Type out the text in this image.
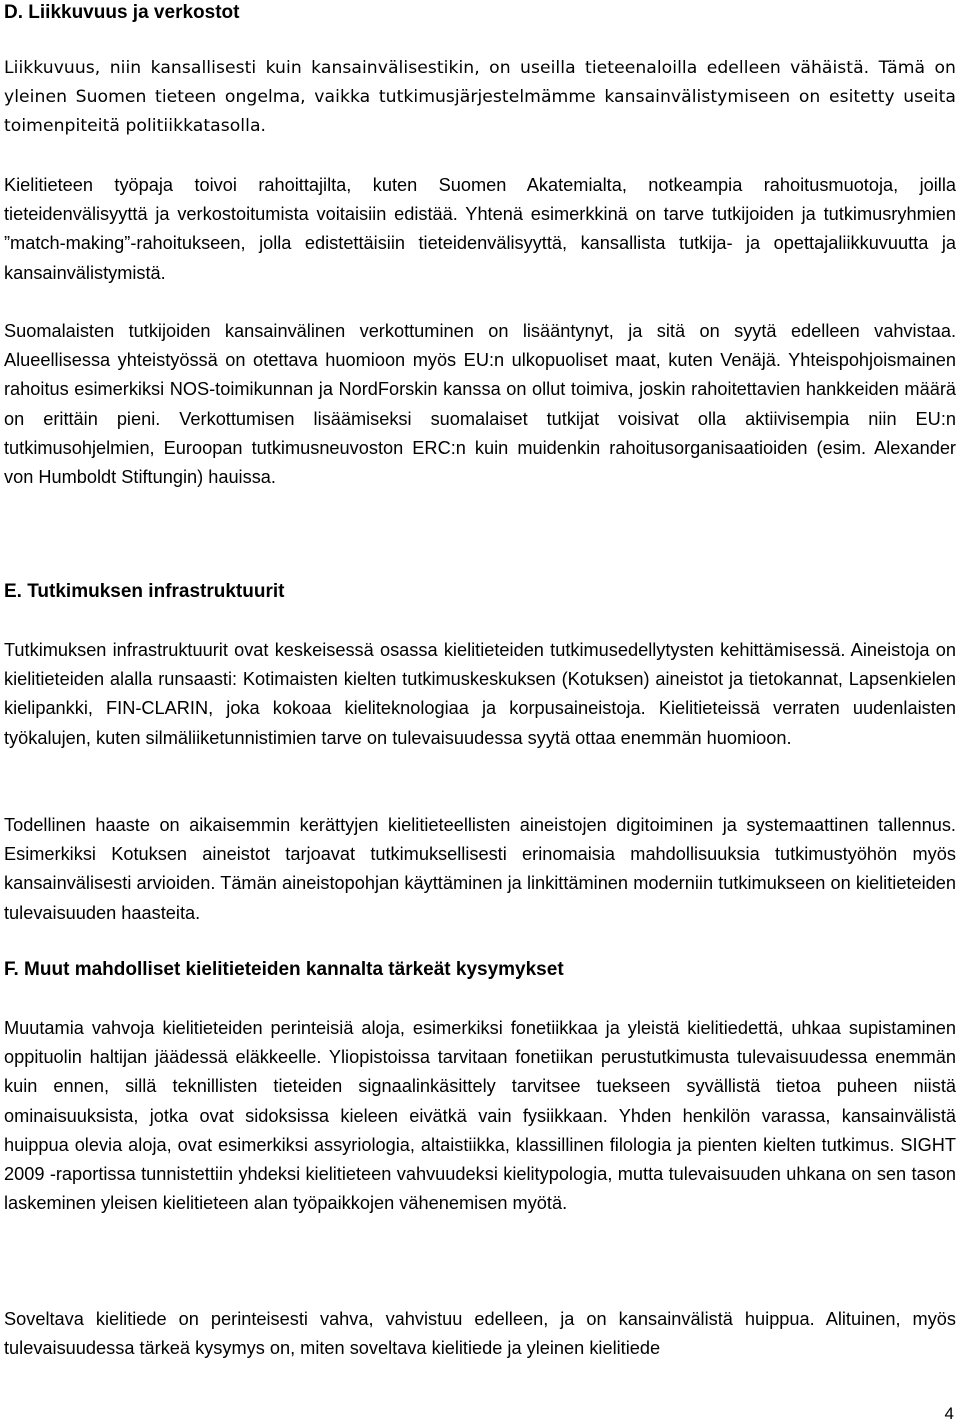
D. Liikkuvuus ja verkostot

Liikkuvuus, niin kansallisesti kuin kansainvälisestikin, on useilla tieteenaloilla edelleen vähäistä. Tämä on yleinen Suomen tieteen ongelma, vaikka tutkimusjärjestelmämme kansainvälistymiseen on esitetty useita toimenpiteitä politiikkatasolla.

Kielitieteen työpaja toivoi rahoittajilta, kuten Suomen Akatemialta, notkeampia rahoitusmuotoja, joilla tieteidenvälisyyttä ja verkostoitumista voitaisiin edistää. Yhtenä esimerkkinä on tarve tutkijoiden ja tutkimusryhmien ”match-making”-rahoitukseen, jolla edistettäisiin tieteidenvälisyyttä, kansallista tutkija- ja opettajaliikkuvuutta ja kansainvälistymistä.

Suomalaisten tutkijoiden kansainvälinen verkottuminen on lisääntynyt, ja sitä on syytä edelleen vahvistaa. Alueellisessa yhteistyössä on otettava huomioon myös EU:n ulkopuoliset maat, kuten Venäjä. Yhteispohjoismainen rahoitus esimerkiksi NOS-toimikunnan ja NordForskin kanssa on ollut toimiva, joskin rahoitettavien hankkeiden määrä on erittäin pieni. Verkottumisen lisäämiseksi suomalaiset tutkijat voisivat olla aktiivisempia niin EU:n tutkimusohjelmien, Euroopan tutkimusneuvoston ERC:n kuin muidenkin rahoitusorganisaatioiden (esim. Alexander von Humboldt Stiftungin) hauissa.

E. Tutkimuksen infrastruktuurit

Tutkimuksen infrastruktuurit ovat keskeisessä osassa kielitieteiden tutkimusedellytysten kehittämisessä. Aineistoja on kielitieteiden alalla runsaasti: Kotimaisten kielten tutkimuskeskuksen (Kotuksen) aineistot ja tietokannat, Lapsenkielen kielipankki, FIN-CLARIN, joka kokoaa kieliteknologiaa ja korpusaineistoja. Kielitieteissä verraten uudenlaisten työkalujen, kuten silmäliiketunnistimien tarve on tulevaisuudessa syytä ottaa enemmän huomioon.

Todellinen haaste on aikaisemmin kerättyjen kielitieteellisten aineistojen digitoiminen ja systemaattinen tallennus. Esimerkiksi Kotuksen aineistot tarjoavat tutkimuksellisesti erinomaisia mahdollisuuksia tutkimustyöhön myös kansainvälisesti arvioiden. Tämän aineistopohjan käyttäminen ja linkittäminen moderniin tutkimukseen on kielitieteiden tulevaisuuden haasteita.

F. Muut mahdolliset kielitieteiden kannalta tärkeät kysymykset

Muutamia vahvoja kielitieteiden perinteisiä aloja, esimerkiksi fonetiikkaa ja yleistä kielitiedettä, uhkaa supistaminen oppituolin haltijan jäädessä eläkkeelle. Yliopistoissa tarvitaan fonetiikan perustutkimusta tulevaisuudessa enemmän kuin ennen, sillä teknillisten tieteiden signaalinkäsittely tarvitsee tuekseen syvällistä tietoa puheen niistä ominaisuuksista, jotka ovat sidoksissa kieleen eivätkä vain fysiikkaan. Yhden henkilön varassa, kansainvälistä huippua olevia aloja, ovat esimerkiksi assyriologia, altaistiikka, klassillinen filologia ja pienten kielten tutkimus. SIGHT 2009 -raportissa tunnistettiin yhdeksi kielitieteen vahvuudeksi kielitypologia, mutta tulevaisuuden uhkana on sen tason laskeminen yleisen kielitieteen alan työpaikkojen vähenemisen myötä.

Soveltava kielitiede on perinteisesti vahva, vahvistuu edelleen, ja on kansainvälistä huippua. Alituinen, myös tulevaisuudessa tärkeä kysymys on, miten soveltava kielitiede ja yleinen kielitiede

4
